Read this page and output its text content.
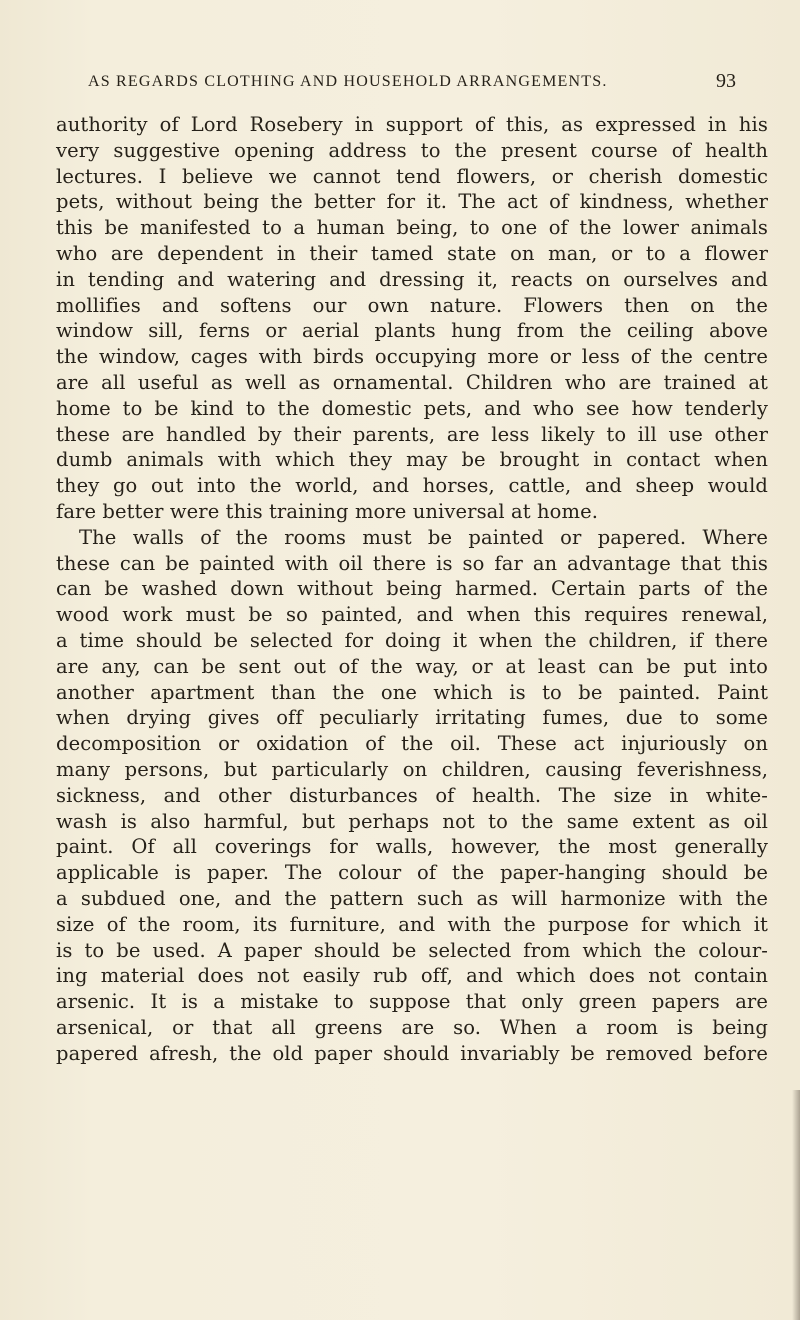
AS REGARDS CLOTHING AND HOUSEHOLD ARRANGEMENTS.	93
authority of Lord Rosebery in support of this, as expressed in his
very suggestive opening address to the present course of health
lectures. I believe we cannot tend flowers, or cherish domestic
pets, without being the better for it. The act of kindness, whether
this be manifested to a human being, to one of the lower animals
who are dependent in their tamed state on man, or to a flower
in tending and watering and dressing it, reacts on ourselves and
mollifies and softens our own nature. Flowers then on the
window sill, ferns or aerial plants hung from the ceiling above
the window, cages with birds occupying more or less of the centre
are all useful as well as ornamental. Children who are trained at
home to be kind to the domestic pets, and who see how tenderly
these are handled by their parents, are less likely to ill use other
dumb animals with which they may be brought in contact when
they go out into the world, and horses, cattle, and sheep would
fare better were this training more universal at home.
The walls of the rooms must be painted or papered. Where
these can be painted with oil there is so far an advantage that this
can be washed down without being harmed. Certain parts of the
wood work must be so painted, and when this requires renewal,
a time should be selected for doing it when the children, if there
are any, can be sent out of the way, or at least can be put into
another apartment than the one which is to be painted. Paint
when drying gives off peculiarly irritating fumes, due to some
decomposition or oxidation of the oil. These act injuriously on
many persons, but particularly on children, causing feverishness,
sickness, and other disturbances of health. The size in white-
wash is also harmful, but perhaps not to the same extent as oil
paint. Of all coverings for walls, however, the most generally
applicable is paper. The colour of the paper-hanging should be
a subdued one, and the pattern such as will harmonize with the
size of the room, its furniture, and with the purpose for which it
is to be used. A paper should be selected from which the colour-
ing material does not easily rub off, and which does not contain
arsenic. It is a mistake to suppose that only green papers are
arsenical, or that all greens are so. When a room is being
papered afresh, the old paper should invariably be removed before
